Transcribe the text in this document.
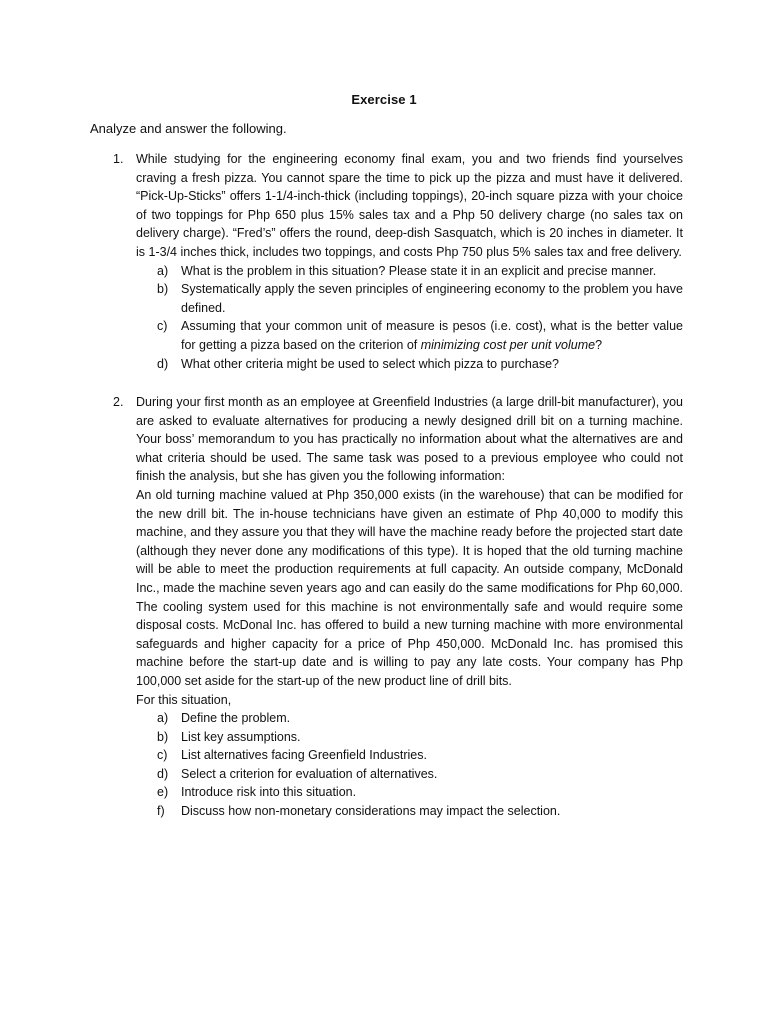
Exercise 1
Analyze and answer the following.
1.	While studying for the engineering economy final exam, you and two friends find yourselves craving a fresh pizza. You cannot spare the time to pick up the pizza and must have it delivered. “Pick-Up-Sticks” offers 1-1/4-inch-thick (including toppings), 20-inch square pizza with your choice of two toppings for Php 650 plus 15% sales tax and a Php 50 delivery charge (no sales tax on delivery charge). “Fred’s” offers the round, deep-dish Sasquatch, which is 20 inches in diameter. It is 1-3/4 inches thick, includes two toppings, and costs Php 750 plus 5% sales tax and free delivery.
a) What is the problem in this situation? Please state it in an explicit and precise manner.
b) Systematically apply the seven principles of engineering economy to the problem you have defined.
c) Assuming that your common unit of measure is pesos (i.e. cost), what is the better value for getting a pizza based on the criterion of minimizing cost per unit volume?
d) What other criteria might be used to select which pizza to purchase?
2.	During your first month as an employee at Greenfield Industries (a large drill-bit manufacturer), you are asked to evaluate alternatives for producing a newly designed drill bit on a turning machine. Your boss’ memorandum to you has practically no information about what the alternatives are and what criteria should be used. The same task was posed to a previous employee who could not finish the analysis, but she has given you the following information:
An old turning machine valued at Php 350,000 exists (in the warehouse) that can be modified for the new drill bit. The in-house technicians have given an estimate of Php 40,000 to modify this machine, and they assure you that they will have the machine ready before the projected start date (although they never done any modifications of this type). It is hoped that the old turning machine will be able to meet the production requirements at full capacity. An outside company, McDonald Inc., made the machine seven years ago and can easily do the same modifications for Php 60,000. The cooling system used for this machine is not environmentally safe and would require some disposal costs. McDonal Inc. has offered to build a new turning machine with more environmental safeguards and higher capacity for a price of Php 450,000. McDonald Inc. has promised this machine before the start-up date and is willing to pay any late costs. Your company has Php 100,000 set aside for the start-up of the new product line of drill bits.
For this situation,
a) Define the problem.
b) List key assumptions.
c) List alternatives facing Greenfield Industries.
d) Select a criterion for evaluation of alternatives.
e) Introduce risk into this situation.
f) Discuss how non-monetary considerations may impact the selection.
